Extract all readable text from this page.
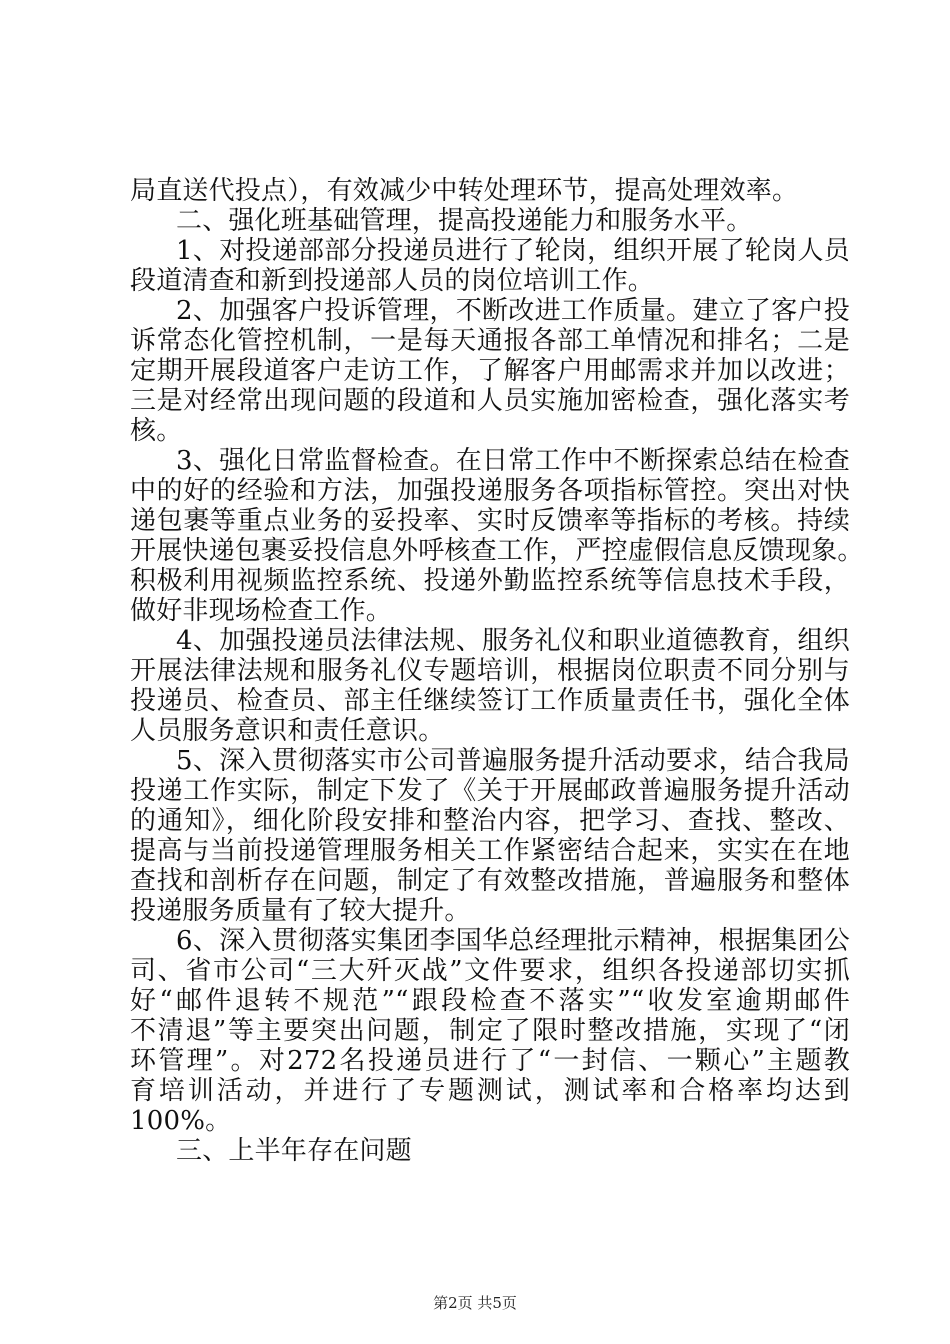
局直送代投点），有效减少中转处理环节，提高处理效率。
二、强化班基础管理，提高投递能力和服务水平。
1、对投递部部分投递员进行了轮岗，组织开展了轮岗人员
段道清查和新到投递部人员的岗位培训工作。
2、加强客户投诉管理，不断改进工作质量。建立了客户投
诉常态化管控机制，一是每天通报各部工单情况和排名；二是
定期开展段道客户走访工作，了解客户用邮需求并加以改进；
三是对经常出现问题的段道和人员实施加密检查，强化落实考
核。
3、强化日常监督检查。在日常工作中不断探索总结在检查
中的好的经验和方法，加强投递服务各项指标管控。突出对快
递包裹等重点业务的妥投率、实时反馈率等指标的考核。持续
开展快递包裹妥投信息外呼核查工作，严控虚假信息反馈现象。
积极利用视频监控系统、投递外勤监控系统等信息技术手段，
做好非现场检查工作。
4、加强投递员法律法规、服务礼仪和职业道德教育，组织
开展法律法规和服务礼仪专题培训，根据岗位职责不同分别与
投递员、检查员、部主任继续签订工作质量责任书，强化全体
人员服务意识和责任意识。
5、深入贯彻落实市公司普遍服务提升活动要求，结合我局
投递工作实际，制定下发了《关于开展邮政普遍服务提升活动
的通知》，细化阶段安排和整治内容，把学习、查找、整改、
提高与当前投递管理服务相关工作紧密结合起来，实实在在地
查找和剖析存在问题，制定了有效整改措施，普遍服务和整体
投递服务质量有了较大提升。
6、深入贯彻落实集团李国华总经理批示精神，根据集团公
司、省市公司“三大歼灭战”文件要求，组织各投递部切实抓
好“邮件退转不规范”“跟段检查不落实”“收发室逾期邮件
不清退”等主要突出问题，制定了限时整改措施，实现了“闭
环管理”。对272名投递员进行了“一封信、一颗心”主题教
育培训活动，并进行了专题测试，测试率和合格率均达到
100%。
三、上半年存在问题
第2页 共5页
